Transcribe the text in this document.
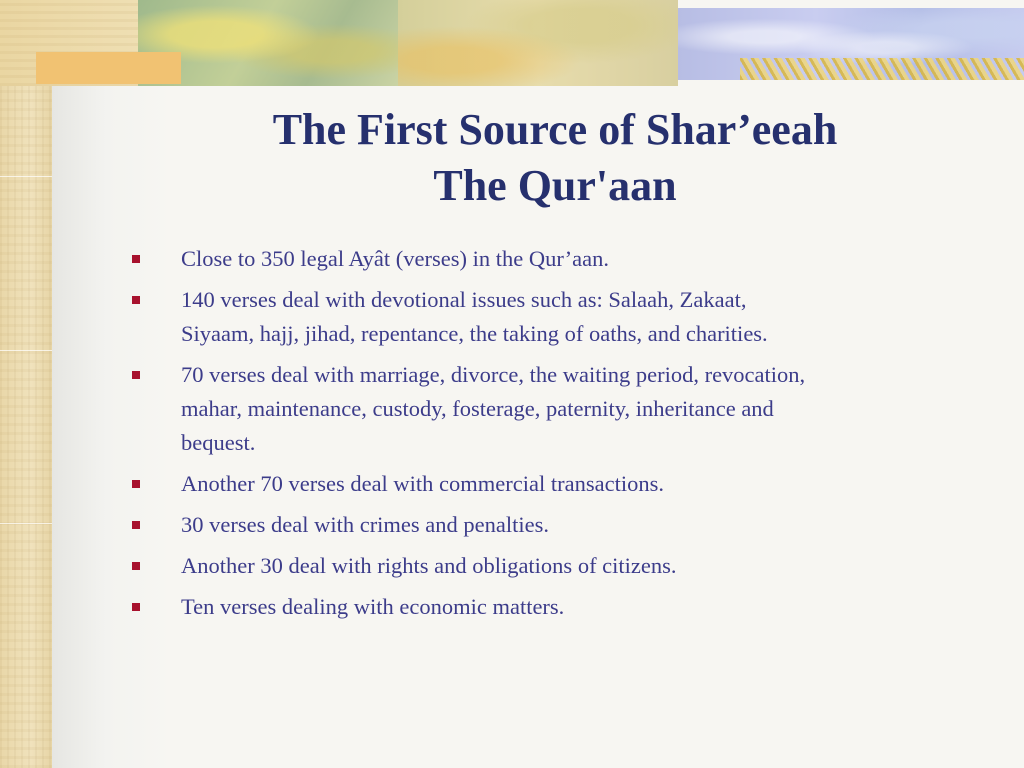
The First Source of Shar’eeah
The Qur'aan
Close to 350 legal Ayât (verses) in the Qur’aan.
140 verses deal with devotional issues such as: Salaah, Zakaat,
Siyaam, hajj, jihad, repentance, the taking of oaths, and charities.
70 verses deal with marriage, divorce, the waiting period, revocation,
mahar, maintenance, custody, fosterage, paternity, inheritance and
bequest.
Another 70 verses deal with commercial transactions.
30 verses deal with crimes and penalties.
Another 30 deal with rights and obligations of citizens.
Ten verses dealing with economic matters.
